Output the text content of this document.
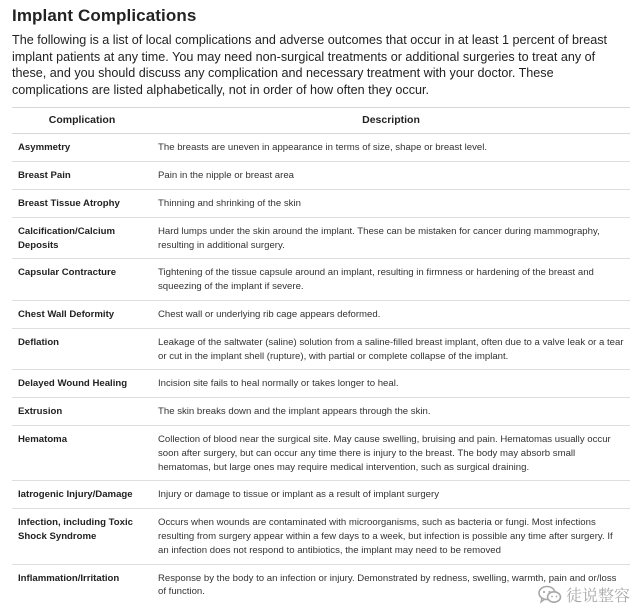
Implant Complications

The following is a list of local complications and adverse outcomes that occur in at least 1 percent of breast implant patients at any time. You may need non-surgical treatments or additional surgeries to treat any of these, and you should discuss any complication and necessary treatment with your doctor. These complications are listed alphabetically, not in order of how often they occur.

Complication	Description
Asymmetry	The breasts are uneven in appearance in terms of size, shape or breast level.
Breast Pain	Pain in the nipple or breast area
Breast Tissue Atrophy	Thinning and shrinking of the skin
Calcification/Calcium Deposits	Hard lumps under the skin around the implant. These can be mistaken for cancer during mammography, resulting in additional surgery.
Capsular Contracture	Tightening of the tissue capsule around an implant, resulting in firmness or hardening of the breast and squeezing of the implant if severe.
Chest Wall Deformity	Chest wall or underlying rib cage appears deformed.
Deflation	Leakage of the saltwater (saline) solution from a saline-filled breast implant, often due to a valve leak or a tear or cut in the implant shell (rupture), with partial or complete collapse of the implant.
Delayed Wound Healing	Incision site fails to heal normally or takes longer to heal.
Extrusion	The skin breaks down and the implant appears through the skin.
Hematoma	Collection of blood near the surgical site. May cause swelling, bruising and pain. Hematomas usually occur soon after surgery, but can occur any time there is injury to the breast. The body may absorb small hematomas, but large ones may require medical intervention, such as surgical draining.
Iatrogenic Injury/Damage	Injury or damage to tissue or implant as a result of implant surgery
Infection, including Toxic Shock Syndrome	Occurs when wounds are contaminated with microorganisms, such as bacteria or fungi. Most infections resulting from surgery appear within a few days to a week, but infection is possible any time after surgery. If an infection does not respond to antibiotics, the implant may need to be removed
Inflammation/Irritation	Response by the body to an infection or injury. Demonstrated by redness, swelling, warmth, pain and or/loss of function.	徒说整容
